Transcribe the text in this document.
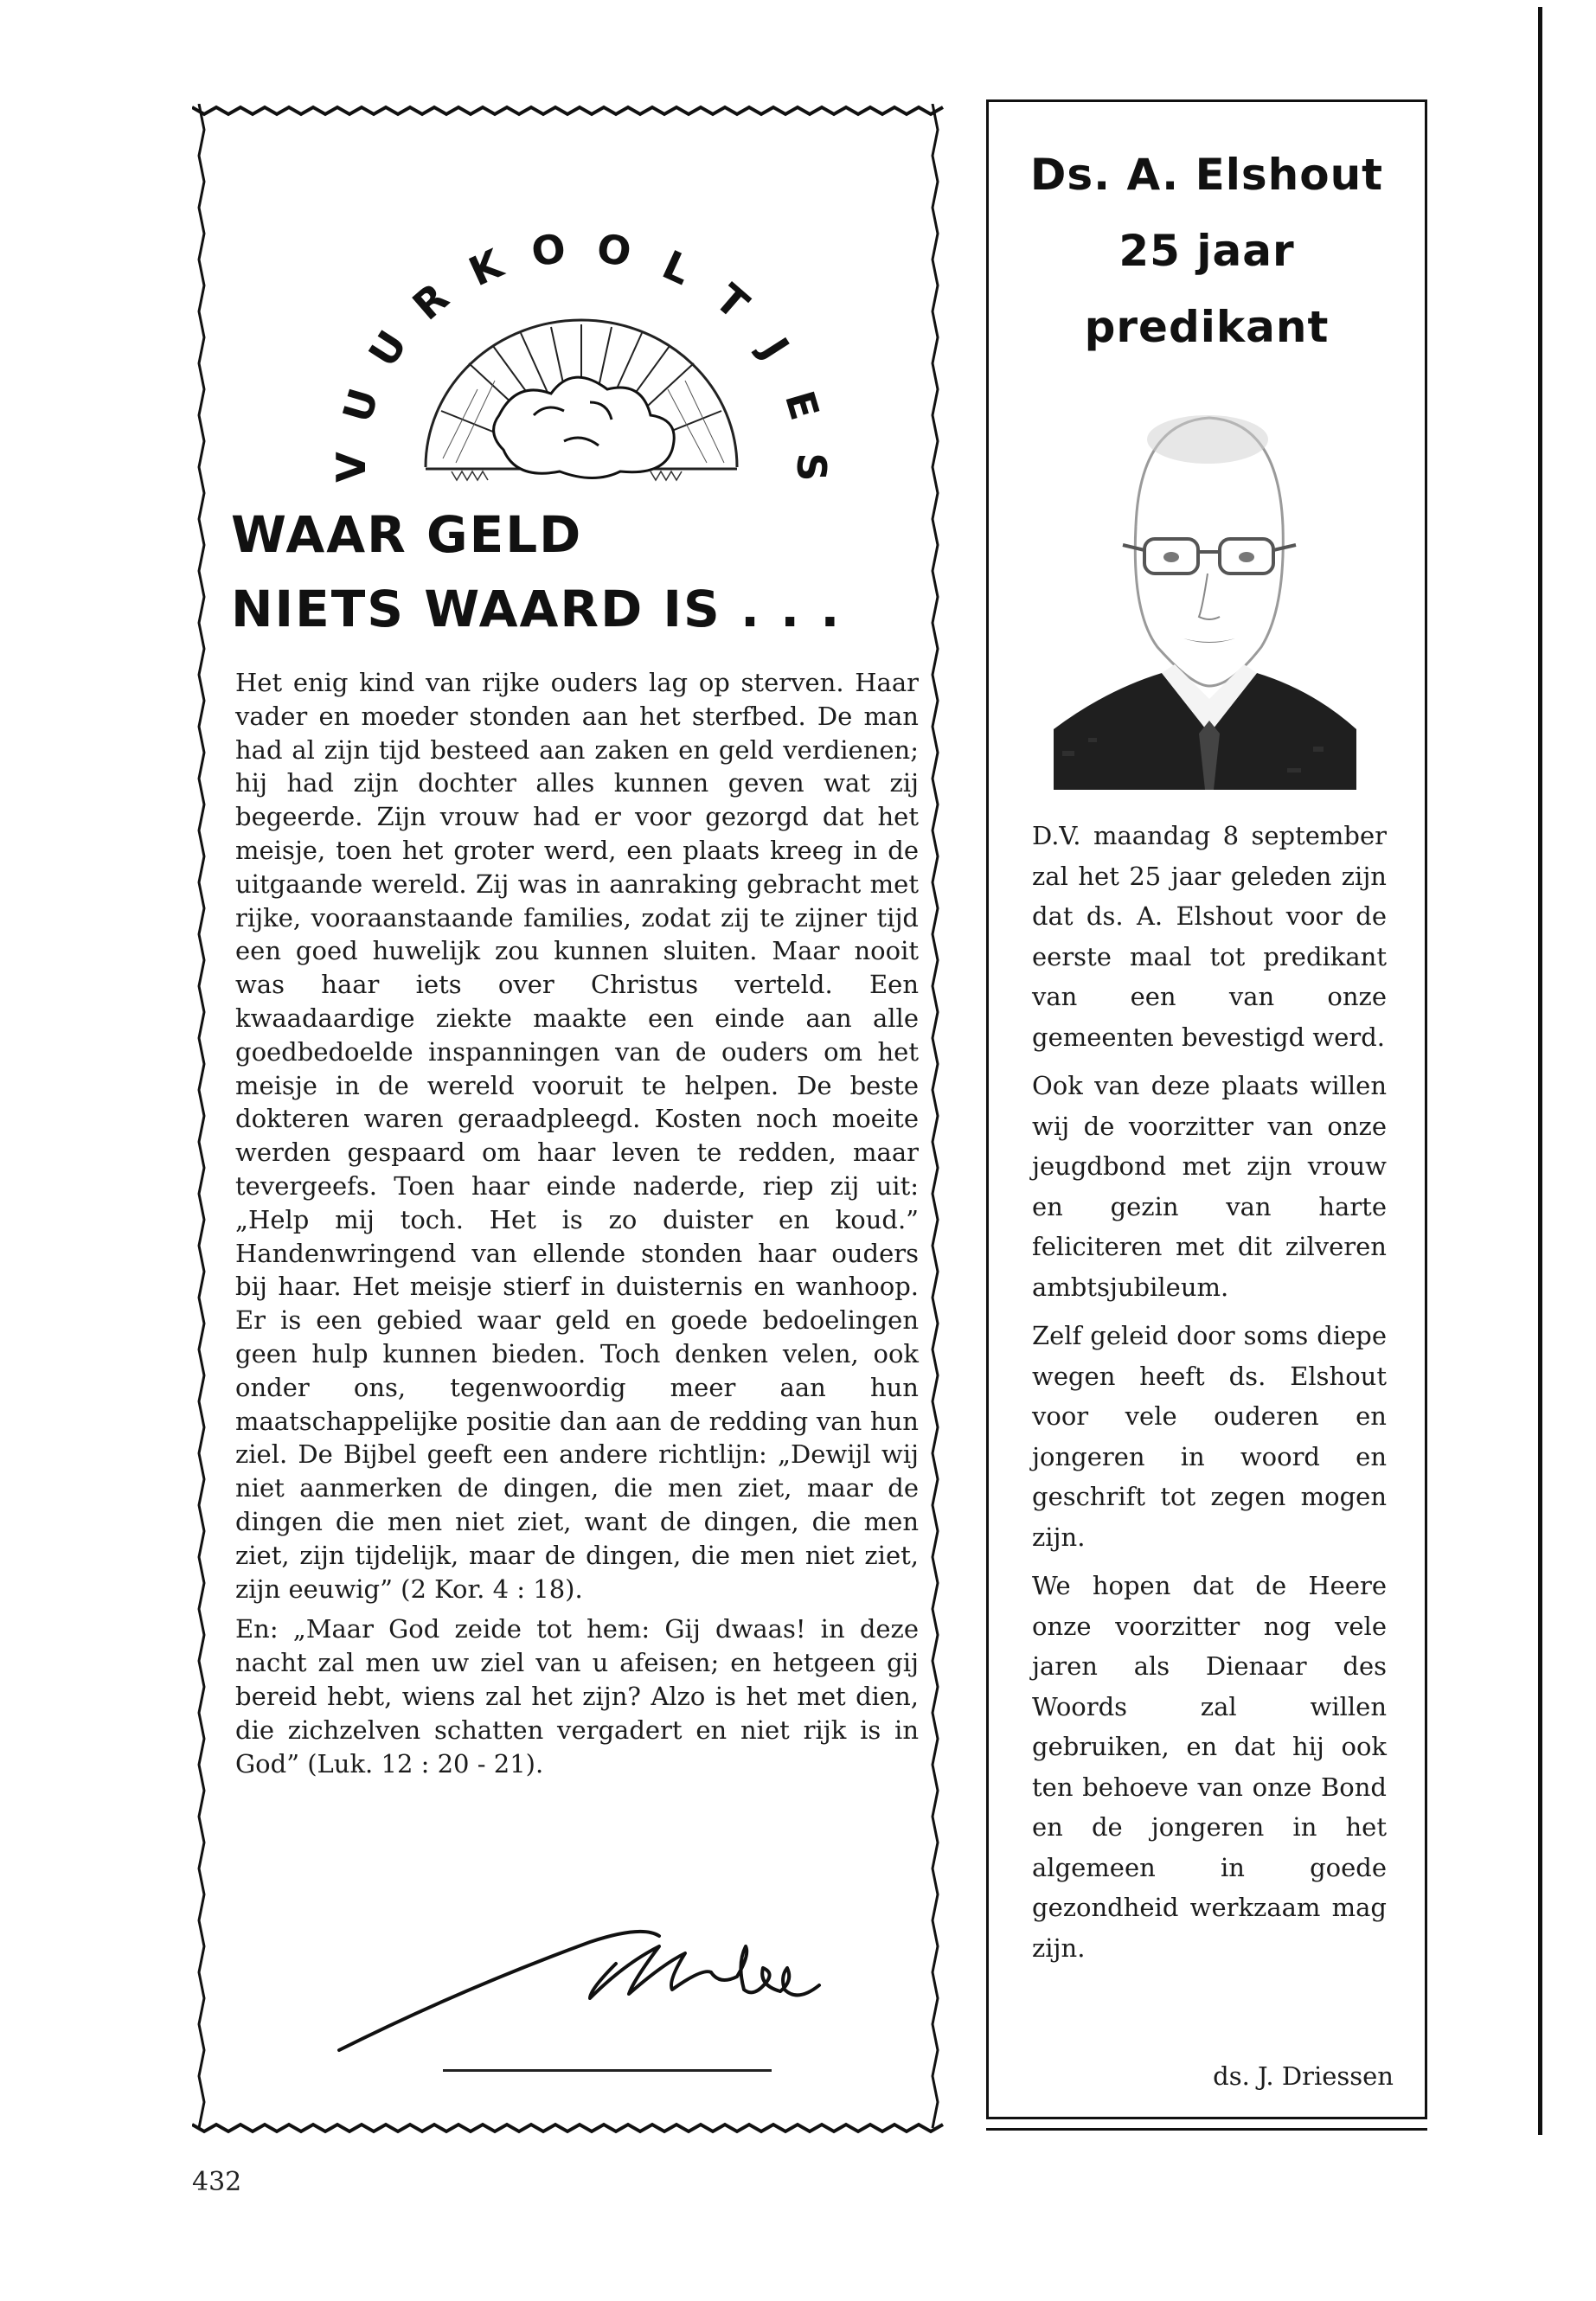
V
U
U
R
K O O L
T
J
E
S
WAAR GELD
NIETS WAARD IS . . .

Het enig kind van rijke ouders lag op sterven. Haar vader en moeder stonden aan het sterfbed. De man had al zijn tijd besteed aan zaken en geld verdienen; hij had zijn dochter alles kunnen geven wat zij begeerde. Zijn vrouw had er voor gezorgd dat het meisje, toen het groter werd, een plaats kreeg in de uitgaande wereld. Zij was in aanraking gebracht met rijke, vooraanstaande families, zodat zij te zijner tijd een goed huwelijk zou kunnen sluiten. Maar nooit was haar iets over Christus verteld. Een kwaadaardige ziekte maakte een einde aan alle goedbedoelde inspanningen van de ouders om het meisje in de wereld vooruit te helpen. De beste dokteren waren geraadpleegd. Kosten noch moeite werden gespaard om haar leven te redden, maar tevergeefs. Toen haar einde naderde, riep zij uit: „Help mij toch. Het is zo duister en koud.” Handenwringend van ellende stonden haar ouders bij haar. Het meisje stierf in duisternis en wanhoop. Er is een gebied waar geld en goede bedoelingen geen hulp kunnen bieden. Toch denken velen, ook onder ons, tegenwoordig meer aan hun maatschappelijke positie dan aan de redding van hun ziel. De Bijbel geeft een andere richtlijn: „Dewijl wij niet aanmerken de dingen, die men ziet, maar de dingen die men niet ziet, want de dingen, die men ziet, zijn tijdelijk, maar de dingen, die men niet ziet, zijn eeuwig” (2 Kor. 4 : 18).

En: „Maar God zeide tot hem: Gij dwaas! in deze nacht zal men uw ziel van u afeisen; en hetgeen gij bereid hebt, wiens zal het zijn? Alzo is het met dien, die zichzelven schatten vergadert en niet rijk is in God” (Luk. 12 : 20 - 21).

Ds. A. Elshout
25 jaar
predikant

D.V. maandag 8 september zal het 25 jaar geleden zijn dat ds. A. Elshout voor de eerste maal tot predikant van een van onze gemeenten bevestigd werd.

Ook van deze plaats willen wij de voorzitter van onze jeugdbond met zijn vrouw en gezin van harte feliciteren met dit zilveren ambtsjubileum.

Zelf geleid door soms diepe wegen heeft ds. Elshout voor vele ouderen en jongeren in woord en geschrift tot zegen mogen zijn.

We hopen dat de Heere onze voorzitter nog vele jaren als Dienaar des Woords zal willen gebruiken, en dat hij ook ten behoeve van onze Bond en de jongeren in het algemeen in goede gezondheid werkzaam mag zijn.

ds. J. Driessen
432
